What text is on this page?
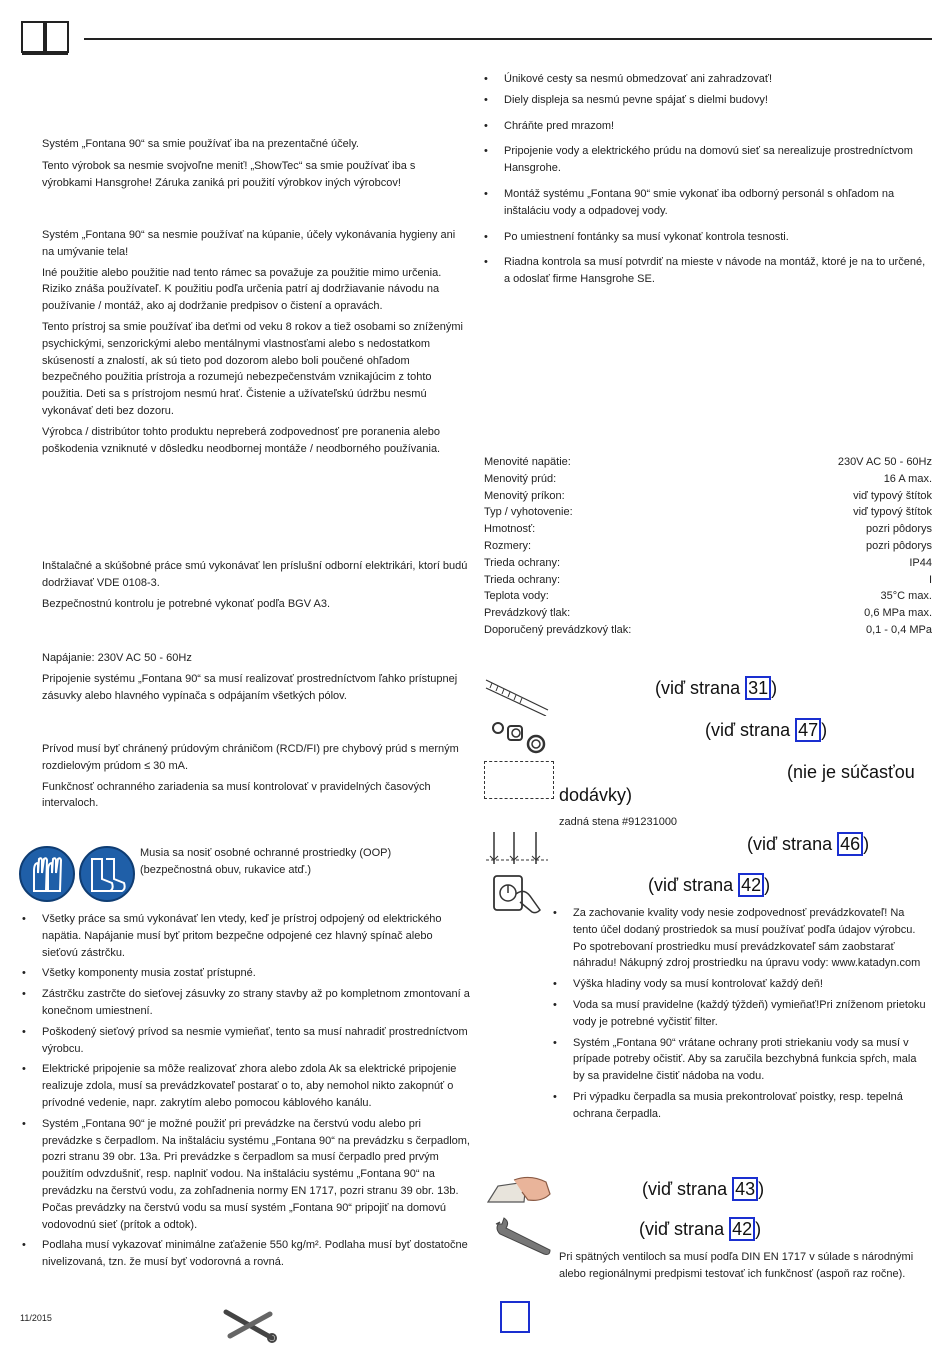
Systém „Fontana 90“ sa smie používať iba na prezentačné účely.

Tento výrobok sa nesmie svojvoľne meniť! „ShowTec“ sa smie používať iba s výrobkami Hansgrohe! Záruka zaniká pri použití výrobkov iných výrobcov!

Systém „Fontana 90“ sa nesmie používať na kúpanie, účely vykonávania hygieny ani na umývanie tela!

Iné použitie alebo použitie nad tento rámec sa považuje za použitie mimo určenia. Riziko znáša používateľ. K použitiu podľa určenia patrí aj dodržiavanie návodu na používanie / montáž, ako aj dodržanie predpisov o čistení a opravách.

Tento prístroj sa smie používať iba deťmi od veku 8 rokov a tiež osobami so zníženými psychickými, senzorickými alebo mentálnymi vlastnosťami alebo s nedostatkom skúseností a znalostí, ak sú tieto pod dozorom alebo boli poučené ohľadom bezpečného použitia prístroja a rozumejú nebezpečenstvám vznikajúcim z tohto použitia. Deti sa s prístrojom nesmú hrať. Čistenie a užívateľskú údržbu nesmú vykonávať deti bez dozoru.

Výrobca / distribútor tohto produktu nepreberá zodpovednosť pre poranenia alebo poškodenia vzniknuté v dôsledku neodbornej montáže / neodborného používania.

Inštalačné a skúšobné práce smú vykonávať len príslušní odborní elektrikári, ktorí budú dodržiavať VDE 0108-3.

Bezpečnostnú kontrolu je potrebné vykonať podľa BGV A3.

Napájanie: 230V AC 50 - 60Hz

Pripojenie systému „Fontana 90“ sa musí realizovať prostredníctvom ľahko prístupnej zásuvky alebo hlavného vypínača s odpájaním všetkých pólov.

Prívod musí byť chránený prúdovým chráničom (RCD/FI) pre chybový prúd s merným rozdielovým prúdom ≤ 30 mA.

Funkčnosť ochranného zariadenia sa musí kontrolovať v pravidelných časových intervaloch.

Musia sa nosiť osobné ochranné prostriedky (OOP) (bezpečnostná obuv, rukavice atď.)
• Všetky práce sa smú vykonávať len vtedy, keď je prístroj odpojený od elektrického napätia. Napájanie musí byť pritom bezpečne odpojené cez hlavný spínač alebo sieťovú zástrčku.
• Všetky komponenty musia zostať prístupné.
• Zástrčku zastrčte do sieťovej zásuvky zo strany stavby až po kompletnom zmontovaní a konečnom umiestnení.
• Poškodený sieťový prívod sa nesmie vymieňať, tento sa musí nahradiť prostredníctvom výrobcu.
• Elektrické pripojenie sa môže realizovať zhora alebo zdola Ak sa elektrické pripojenie realizuje zdola, musí sa prevádzkovateľ postarať o to, aby nemohol nikto zakopnúť o prívodné vedenie, napr. zakrytím alebo pomocou káblového kanálu.
• Systém „Fontana 90“ je možné použiť pri prevádzke na čerstvú vodu alebo pri prevádzke s čerpadlom. Na inštaláciu systému „Fontana 90“ na prevádzku s čerpadlom, pozri stranu 39 obr. 13a. Pri prevádzke s čerpadlom sa musí čerpadlo pred prvým použitím odvzdušniť, resp. naplniť vodou. Na inštaláciu systému „Fontana 90“ na prevádzku na čerstvú vodu, za zohľadnenia normy EN 1717, pozri stranu 39 obr. 13b. Počas prevádzky na čerstvú vodu sa musí systém „Fontana 90“ pripojiť na domovú vodovodnú sieť (prítok a odtok).
• Podlaha musí vykazovať minimálne zaťaženie 550 kg/m². Podlaha musí byť dostatočne nivelizovaná, tzn. že musí byť vodorovná a rovná.
11/2015
• Únikové cesty sa nesmú obmedzovať ani zahradzovať!
• Diely displeja sa nesmú pevne spájať s dielmi budovy!
• Chráňte pred mrazom!
• Pripojenie vody a elektrického prúdu na domovú sieť sa nerealizuje prostredníctvom Hansgrohe.
• Montáž systému „Fontana 90“ smie vykonať iba odborný personál s ohľadom na inštaláciu vody a odpadovej vody.
• Po umiestnení fontánky sa musí vykonať kontrola tesnosti.
• Riadna kontrola sa musí potvrdiť na mieste v návode na montáž, ktoré je na to určené, a odoslať firme Hansgrohe SE.
Menovité napätie:	230V AC 50 - 60Hz
Menovitý prúd:	16 A max.
Menovitý príkon:	viď typový štítok
Typ / vyhotovenie:	viď typový štítok
Hmotnosť:	pozri pôdorys
Rozmery:	pozri pôdorys
Trieda ochrany:	IP44
Trieda ochrany:	I
Teplota vody:	35°C max.
Prevádzkový tlak:	0,6 MPa max.
Doporučený prevádzkový tlak:	0,1 - 0,4 MPa
(viď strana 31 )
(viď strana 47 )
(nie je súčasťou
dodávky)
zadná stena #91231000
(viď strana 46 )
(viď strana 42 )
• Za zachovanie kvality vody nesie zodpovednosť prevádzkovateľ! Na tento účel dodaný prostriedok sa musí používať podľa údajov výrobcu. Po spotrebovaní prostriedku musí prevádzkovateľ sám zaobstarať náhradu! Nákupný zdroj prostriedku na úpravu vody: www.katadyn.com
• Výška hladiny vody sa musí kontrolovať každý deň!
• Voda sa musí pravidelne (každý týždeň) vymieňať!Pri zníženom prietoku vody je potrebné vyčistiť filter.
• Systém „Fontana 90“ vrátane ochrany proti striekaniu vody sa musí v prípade potreby očistiť. Aby sa zaručila bezchybná funkcia spŕch, mala by sa pravidelne čistiť nádoba na vodu.
• Pri výpadku čerpadla sa musia prekontrolovať poistky, resp. tepelná ochrana čerpadla.
(viď strana 43 )
(viď strana 42 )
Pri spätných ventiloch sa musí podľa DIN EN 1717 v súlade s národnými alebo regionálnymi predpismi testovať ich funkčnosť (aspoň raz ročne).
